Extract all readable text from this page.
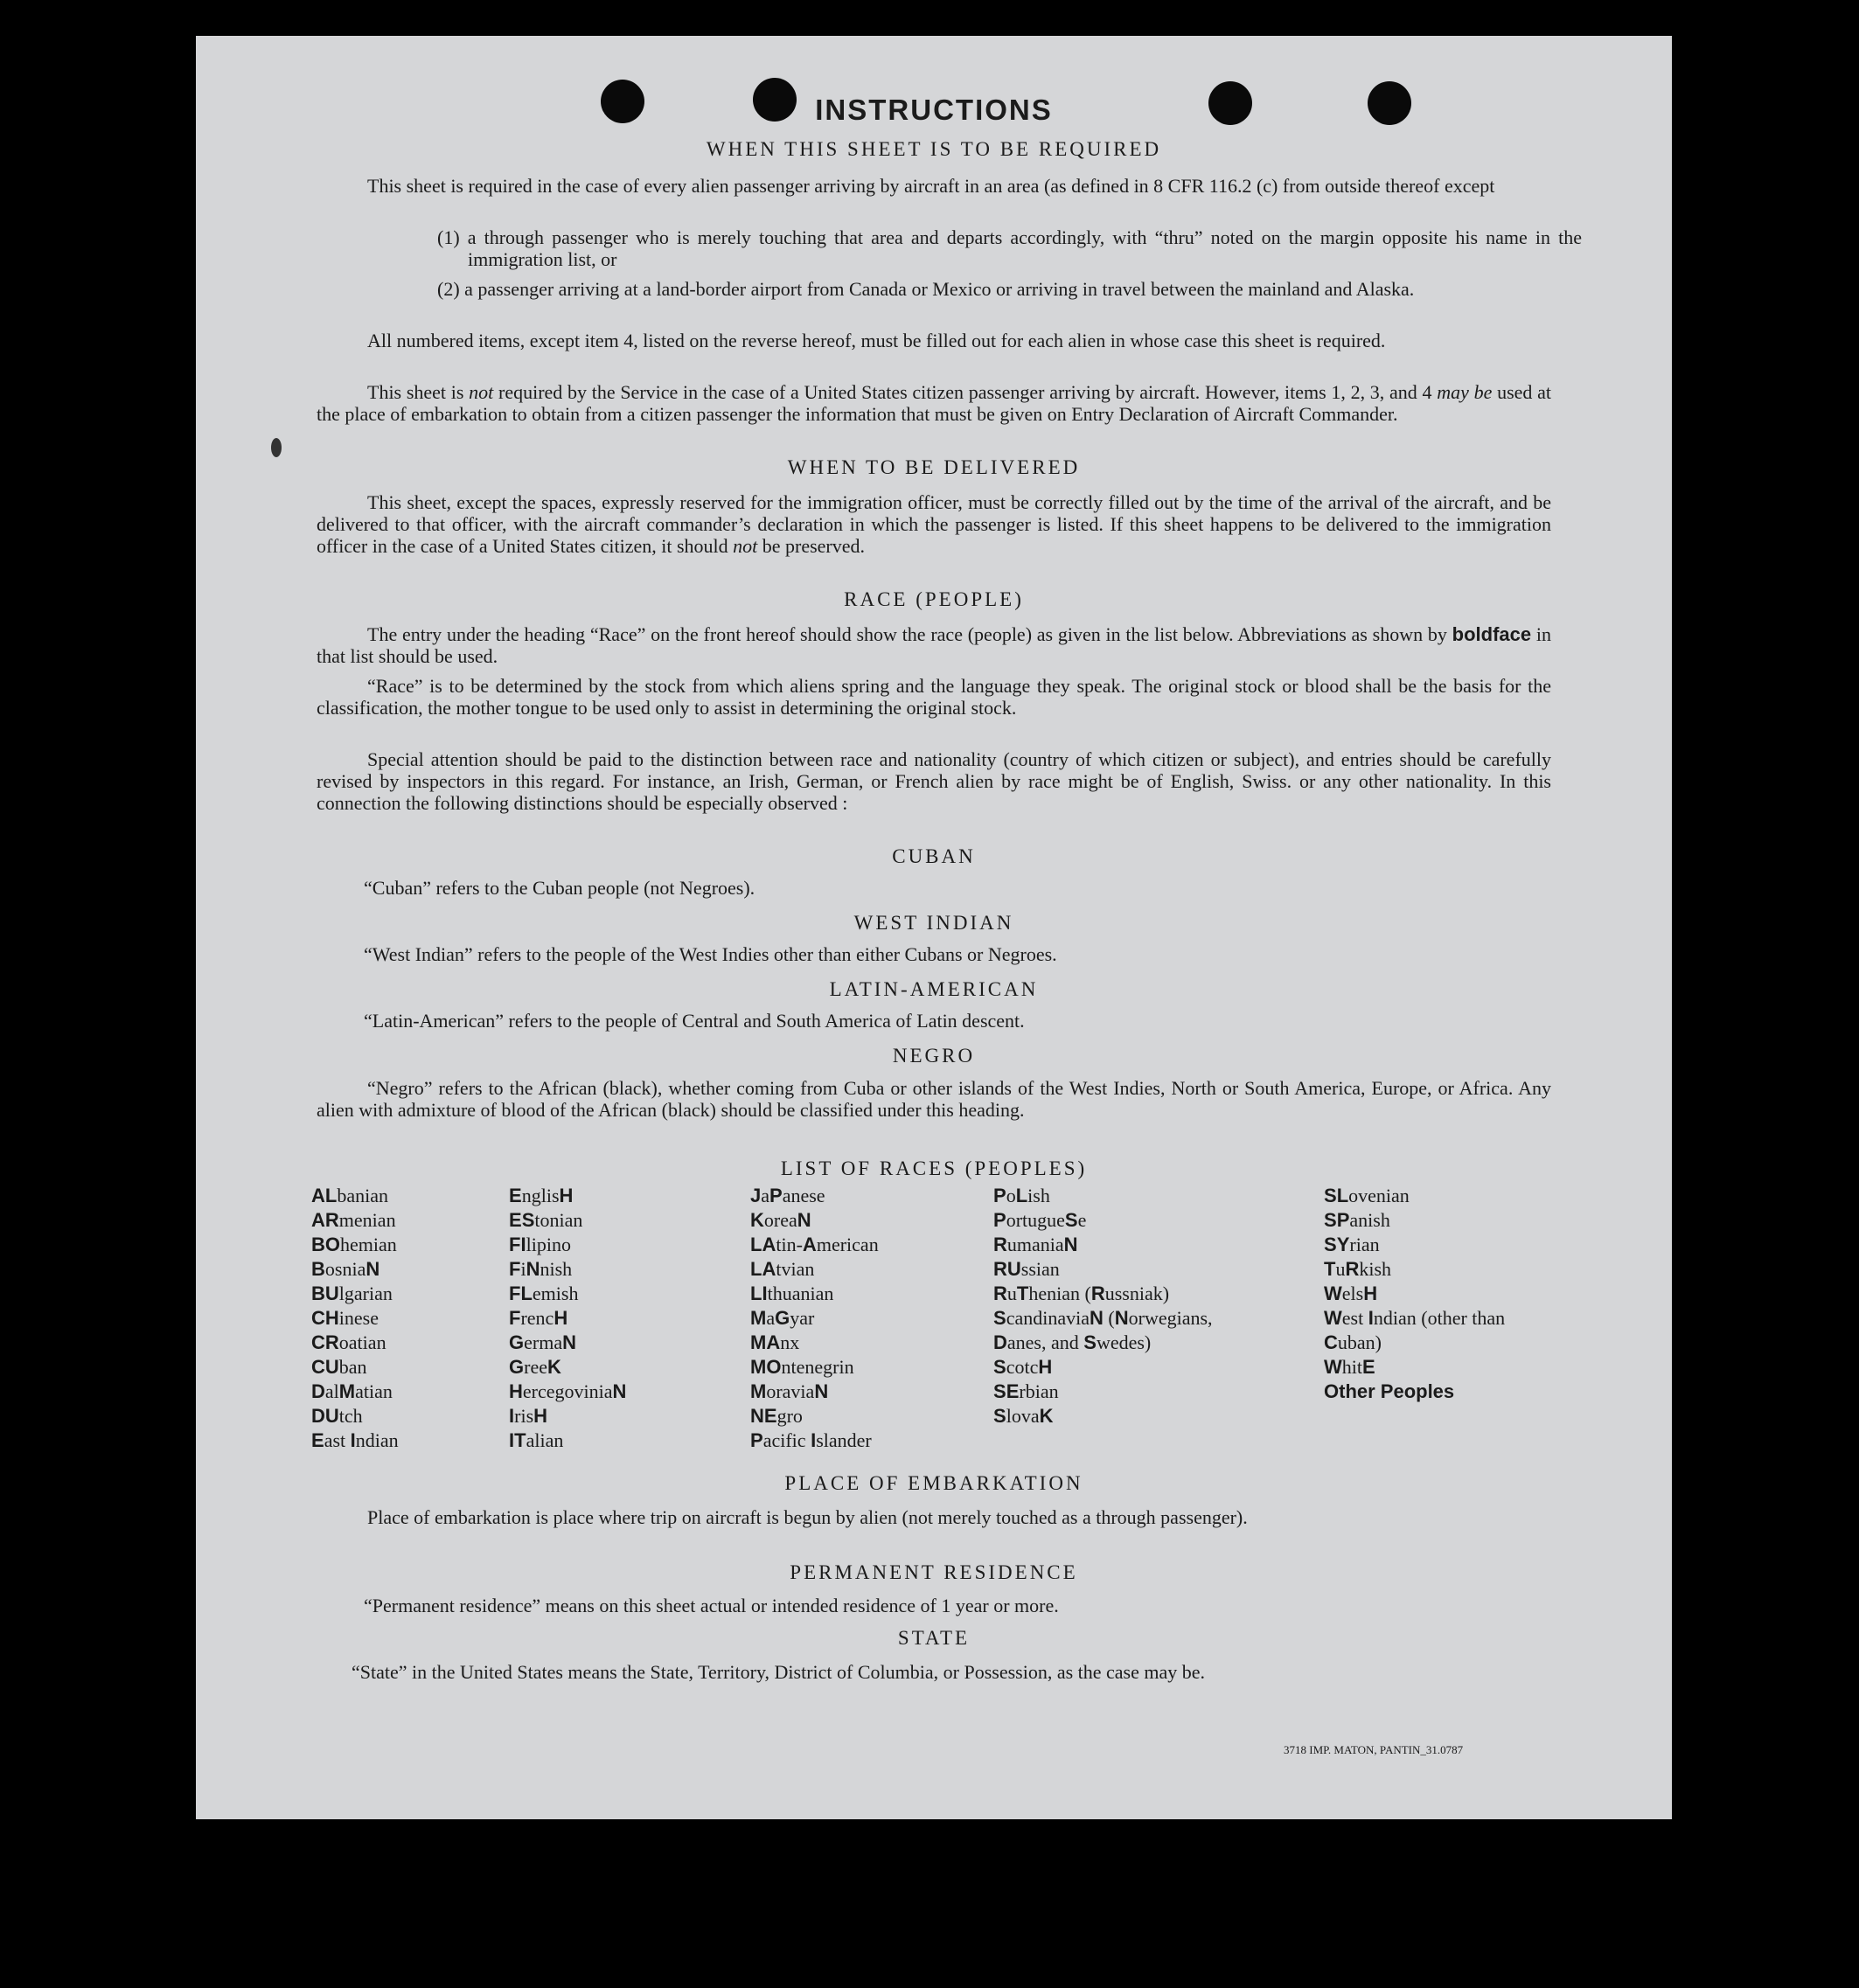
INSTRUCTIONS
WHEN THIS SHEET IS TO BE REQUIRED
This sheet is required in the case of every alien passenger arriving by aircraft in an area (as defined in 8 CFR 116.2 (c) from outside thereof except
(1) a through passenger who is merely touching that area and departs accordingly, with “thru” noted on the margin opposite his name in the immigration list, or
(2) a passenger arriving at a land-border airport from Canada or Mexico or arriving in travel between the mainland and Alaska.
All numbered items, except item 4, listed on the reverse hereof, must be filled out for each alien in whose case this sheet is required.
This sheet is not required by the Service in the case of a United States citizen passenger arriving by aircraft. However, items 1, 2, 3, and 4 may be used at the place of embarkation to obtain from a citizen passenger the information that must be given on Entry Declaration of Aircraft Commander.
WHEN TO BE DELIVERED
This sheet, except the spaces, expressly reserved for the immigration officer, must be correctly filled out by the time of the arrival of the aircraft, and be delivered to that officer, with the aircraft commander’s declaration in which the passenger is listed. If this sheet happens to be delivered to the immigration officer in the case of a United States citizen, it should not be preserved.
RACE (PEOPLE)
The entry under the heading “Race” on the front hereof should show the race (people) as given in the list below. Abbreviations as shown by boldface in that list should be used.
“Race” is to be determined by the stock from which aliens spring and the language they speak. The original stock or blood shall be the basis for the classification, the mother tongue to be used only to assist in determining the original stock.
Special attention should be paid to the distinction between race and nationality (country of which citizen or subject), and entries should be carefully revised by inspectors in this regard. For instance, an Irish, German, or French alien by race might be of English, Swiss. or any other nationality. In this connection the following distinctions should be especially observed :
CUBAN
“Cuban” refers to the Cuban people (not Negroes).
WEST INDIAN
“West Indian” refers to the people of the West Indies other than either Cubans or Negroes.
LATIN-AMERICAN
“Latin-American” refers to the people of Central and South America of Latin descent.
NEGRO
“Negro” refers to the African (black), whether coming from Cuba or other islands of the West Indies, North or South America, Europe, or Africa. Any alien with admixture of blood of the African (black) should be classified under this heading.
LIST OF RACES (PEOPLES)
ALbanian
ARmenian
BOhemian
BosniaN
BUlgarian
CHinese
CRoatian
CUban
DalMatian
DUtch
East Indian
EnglisH
EStonian
FIlipino
FiNnish
FLemish
FrencH
GermaN
GreeK
HercegoviniaN
IrisH
ITalian
JaPanese
KoreaN
LAtin-American
LAtvian
LIthuanian
MaGyar
MAnx
MOntenegrin
MoraviaN
NEgro
Pacific Islander
PoLish
PortugueSe
RumaniaN
RUssian
RuThenian (Russniak)
ScandinaviaN (Norwegians, Danes, and Swedes)
ScotcH
SErbian
SlovaK
SLovenian
SPanish
SYrian
TuRkish
WelsH
West Indian (other than Cuban)
WhitE
Other Peoples
PLACE OF EMBARKATION
Place of embarkation is place where trip on aircraft is begun by alien (not merely touched as a through passenger).
PERMANENT RESIDENCE
“Permanent residence” means on this sheet actual or intended residence of 1 year or more.
STATE
“State” in the United States means the State, Territory, District of Columbia, or Possession, as the case may be.
3718 IMP. MATON, PANTIN_31.0787
